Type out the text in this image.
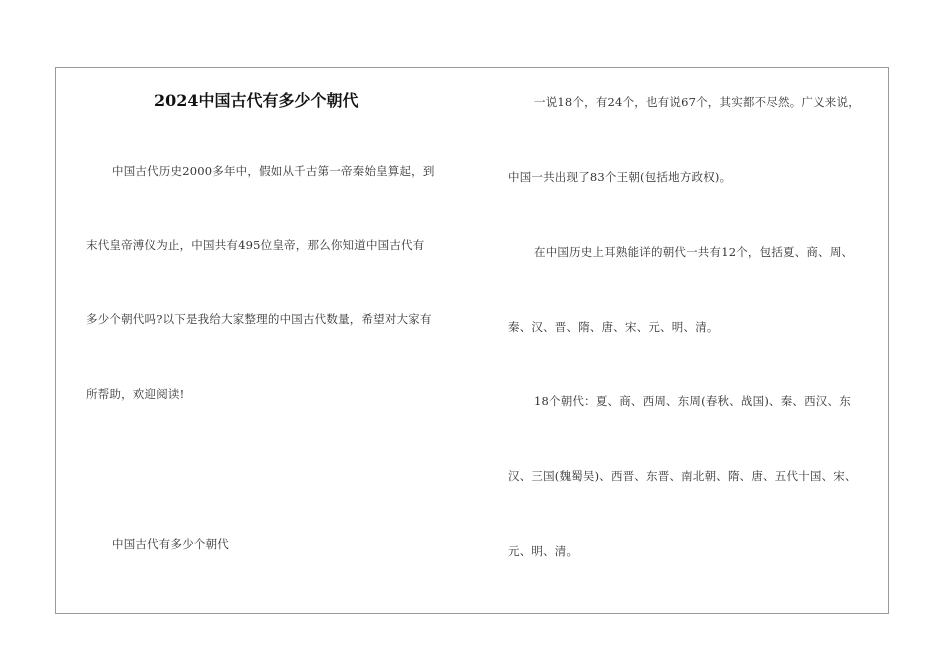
2024中国古代有多少个朝代
中国古代历史2000多年中，假如从千古第一帝秦始皇算起，到
末代皇帝溥仪为止，中国共有495位皇帝，那么你知道中国古代有
多少个朝代吗?以下是我给大家整理的中国古代数量，希望对大家有
所帮助，欢迎阅读!
中国古代有多少个朝代
一说18个，有24个，也有说67个，其实都不尽然。广义来说，
中国一共出现了83个王朝(包括地方政权)。
在中国历史上耳熟能详的朝代一共有12个，包括夏、商、周、
秦、汉、晋、隋、唐、宋、元、明、清。
18个朝代：夏、商、西周、东周(春秋、战国)、秦、西汉、东
汉、三国(魏蜀吴)、西晋、东晋、南北朝、隋、唐、五代十国、宋、
元、明、清。
